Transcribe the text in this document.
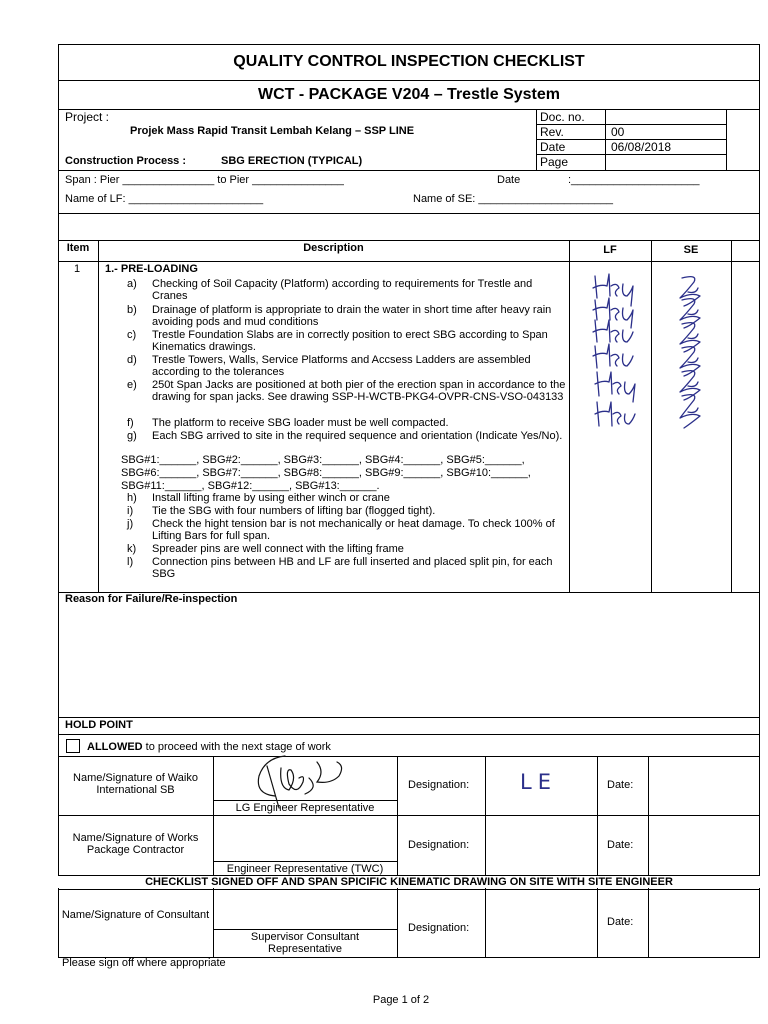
QUALITY CONTROL INSPECTION CHECKLIST
WCT - PACKAGE V204 – Trestle System
Project :
Projek Mass Rapid Transit Lembah Kelang – SSP LINE
Construction Process :	SBG ERECTION (TYPICAL)
Doc. no.
Rev.	00
Date	06/08/2018
Page
Span : Pier _______________ to Pier _______________	Date	:_____________________
Name of LF: ______________________	Name of SE: ______________________
Item	Description	LF	SE
1 1.- PRE-LOADING
a) Checking of Soil Capacity (Platform) according to requirements for Trestle and Cranes
b) Drainage of platform is appropriate to drain the water in short time after heavy rain avoiding pods and mud conditions
c) Trestle Foundation Slabs are in correctly position to erect SBG according to Span Kinematics drawings.
d) Trestle Towers, Walls, Service Platforms and Accsess Ladders are assembled according to the tolerances
e) 250t Span Jacks are positioned at both pier of the erection span in accordance to the drawing for span jacks. See drawing SSP-H-WCTB-PKG4-OVPR-CNS-VSO-043133
f) The platform to receive SBG loader must be well compacted.
g) Each SBG arrived to site in the required sequence and orientation (Indicate Yes/No).
SBG#1:______, SBG#2:______, SBG#3:______, SBG#4:______, SBG#5:______,
SBG#6:______, SBG#7:______, SBG#8:______, SBG#9:______, SBG#10:______,
SBG#11:______, SBG#12:______, SBG#13:______.
h) Install lifting frame by using either winch or crane
i) Tie the SBG with four numbers of lifting bar (flogged tight).
j) Check the hight tension bar is not mechanically or heat damage. To check 100% of Lifting Bars for full span.
k) Spreader pins are well connect with the lifting frame
l) Connection pins between HB and LF are full inserted and placed split pin, for each SBG
Reason for Failure/Re-inspection
HOLD POINT
ALLOWED to proceed with the next stage of work
Name/Signature of Waiko International SB
LG Engineer Representative
Designation: LE	Date:
Name/Signature of Works Package Contractor
Engineer Representative (TWC)
Designation:	Date:
CHECKLIST SIGNED OFF AND SPAN SPICIFIC KINEMATIC DRAWING ON SITE WITH SITE ENGINEER
Name/Signature of Consultant
Supervisor Consultant Representative
Designation:	Date:
Please sign off where appropriate
Page 1 of 2
